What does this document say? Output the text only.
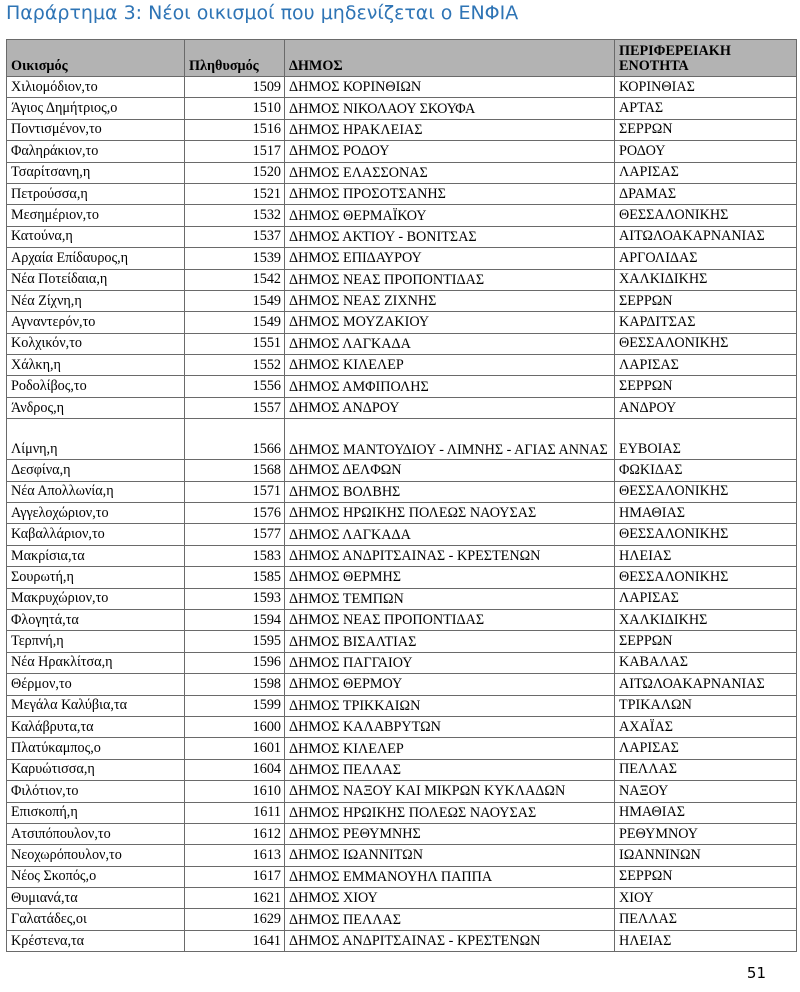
Παράρτημα 3: Νέοι οικισμοί που μηδενίζεται ο ΕΝΦΙΑ
Οικισμός	Πληθυσμός	ΔΗΜΟΣ	ΠΕΡΙΦΕΡΕΙΑΚΗ ΕΝΟΤΗΤΑ
Χιλιομόδιον,το	1509	ΔΗΜΟΣ ΚΟΡΙΝΘΙΩΝ	ΚΟΡΙΝΘΙΑΣ
Άγιος Δημήτριος,ο	1510	ΔΗΜΟΣ ΝΙΚΟΛΑΟΥ ΣΚΟΥΦΑ	ΑΡΤΑΣ
Ποντισμένον,το	1516	ΔΗΜΟΣ ΗΡΑΚΛΕΙΑΣ	ΣΕΡΡΩΝ
Φαληράκιον,το	1517	ΔΗΜΟΣ ΡΟΔΟΥ	ΡΟΔΟΥ
Τσαρίτσανη,η	1520	ΔΗΜΟΣ ΕΛΑΣΣΟΝΑΣ	ΛΑΡΙΣΑΣ
Πετρούσσα,η	1521	ΔΗΜΟΣ ΠΡΟΣΟΤΣΑΝΗΣ	ΔΡΑΜΑΣ
Μεσημέριον,το	1532	ΔΗΜΟΣ ΘΕΡΜΑΪΚΟΥ	ΘΕΣΣΑΛΟΝΙΚΗΣ
Κατούνα,η	1537	ΔΗΜΟΣ ΑΚΤΙΟΥ - ΒΟΝΙΤΣΑΣ	ΑΙΤΩΛΟΑΚΑΡΝΑΝΙΑΣ
Αρχαία Επίδαυρος,η	1539	ΔΗΜΟΣ ΕΠΙΔΑΥΡΟΥ	ΑΡΓΟΛΙΔΑΣ
Νέα Ποτείδαια,η	1542	ΔΗΜΟΣ ΝΕΑΣ ΠΡΟΠΟΝΤΙΔΑΣ	ΧΑΛΚΙΔΙΚΗΣ
Νέα Ζίχνη,η	1549	ΔΗΜΟΣ ΝΕΑΣ ΖΙΧΝΗΣ	ΣΕΡΡΩΝ
Αγναντερόν,το	1549	ΔΗΜΟΣ ΜΟΥΖΑΚΙΟΥ	ΚΑΡΔΙΤΣΑΣ
Κολχικόν,το	1551	ΔΗΜΟΣ ΛΑΓΚΑΔΑ	ΘΕΣΣΑΛΟΝΙΚΗΣ
Χάλκη,η	1552	ΔΗΜΟΣ ΚΙΛΕΛΕΡ	ΛΑΡΙΣΑΣ
Ροδολίβος,το	1556	ΔΗΜΟΣ ΑΜΦΙΠΟΛΗΣ	ΣΕΡΡΩΝ
Άνδρος,η	1557	ΔΗΜΟΣ ΑΝΔΡΟΥ	ΑΝΔΡΟΥ
Λίμνη,η	1566	ΔΗΜΟΣ ΜΑΝΤΟΥΔΙΟΥ - ΛΙΜΝΗΣ - ΑΓΙΑΣ ΑΝΝΑΣ	ΕΥΒΟΙΑΣ
Δεσφίνα,η	1568	ΔΗΜΟΣ ΔΕΛΦΩΝ	ΦΩΚΙΔΑΣ
Νέα Απολλωνία,η	1571	ΔΗΜΟΣ ΒΟΛΒΗΣ	ΘΕΣΣΑΛΟΝΙΚΗΣ
Αγγελοχώριον,το	1576	ΔΗΜΟΣ ΗΡΩΙΚΗΣ ΠΟΛΕΩΣ ΝΑΟΥΣΑΣ	ΗΜΑΘΙΑΣ
Καβαλλάριον,το	1577	ΔΗΜΟΣ ΛΑΓΚΑΔΑ	ΘΕΣΣΑΛΟΝΙΚΗΣ
Μακρίσια,τα	1583	ΔΗΜΟΣ ΑΝΔΡΙΤΣΑΙΝΑΣ - ΚΡΕΣΤΕΝΩΝ	ΗΛΕΙΑΣ
Σουρωτή,η	1585	ΔΗΜΟΣ ΘΕΡΜΗΣ	ΘΕΣΣΑΛΟΝΙΚΗΣ
Μακρυχώριον,το	1593	ΔΗΜΟΣ ΤΕΜΠΩΝ	ΛΑΡΙΣΑΣ
Φλογητά,τα	1594	ΔΗΜΟΣ ΝΕΑΣ ΠΡΟΠΟΝΤΙΔΑΣ	ΧΑΛΚΙΔΙΚΗΣ
Τερπνή,η	1595	ΔΗΜΟΣ ΒΙΣΑΛΤΙΑΣ	ΣΕΡΡΩΝ
Νέα Ηρακλίτσα,η	1596	ΔΗΜΟΣ ΠΑΓΓΑΙΟΥ	ΚΑΒΑΛΑΣ
Θέρμον,το	1598	ΔΗΜΟΣ ΘΕΡΜΟΥ	ΑΙΤΩΛΟΑΚΑΡΝΑΝΙΑΣ
Μεγάλα Καλύβια,τα	1599	ΔΗΜΟΣ ΤΡΙΚΚΑΙΩΝ	ΤΡΙΚΑΛΩΝ
Καλάβρυτα,τα	1600	ΔΗΜΟΣ ΚΑΛΑΒΡΥΤΩΝ	ΑΧΑΪΑΣ
Πλατύκαμπος,ο	1601	ΔΗΜΟΣ ΚΙΛΕΛΕΡ	ΛΑΡΙΣΑΣ
Καρυώτισσα,η	1604	ΔΗΜΟΣ ΠΕΛΛΑΣ	ΠΕΛΛΑΣ
Φιλότιον,το	1610	ΔΗΜΟΣ ΝΑΞΟΥ ΚΑΙ ΜΙΚΡΩΝ ΚΥΚΛΑΔΩΝ	ΝΑΞΟΥ
Επισκοπή,η	1611	ΔΗΜΟΣ ΗΡΩΙΚΗΣ ΠΟΛΕΩΣ ΝΑΟΥΣΑΣ	ΗΜΑΘΙΑΣ
Ατσιπόπουλον,το	1612	ΔΗΜΟΣ ΡΕΘΥΜΝΗΣ	ΡΕΘΥΜΝΟΥ
Νεοχωρόπουλον,το	1613	ΔΗΜΟΣ ΙΩΑΝΝΙΤΩΝ	ΙΩΑΝΝΙΝΩΝ
Νέος Σκοπός,ο	1617	ΔΗΜΟΣ ΕΜΜΑΝΟΥΗΛ ΠΑΠΠΑ	ΣΕΡΡΩΝ
Θυμιανά,τα	1621	ΔΗΜΟΣ ΧΙΟΥ	ΧΙΟΥ
Γαλατάδες,οι	1629	ΔΗΜΟΣ ΠΕΛΛΑΣ	ΠΕΛΛΑΣ
Κρέστενα,τα	1641	ΔΗΜΟΣ ΑΝΔΡΙΤΣΑΙΝΑΣ - ΚΡΕΣΤΕΝΩΝ	ΗΛΕΙΑΣ
51
